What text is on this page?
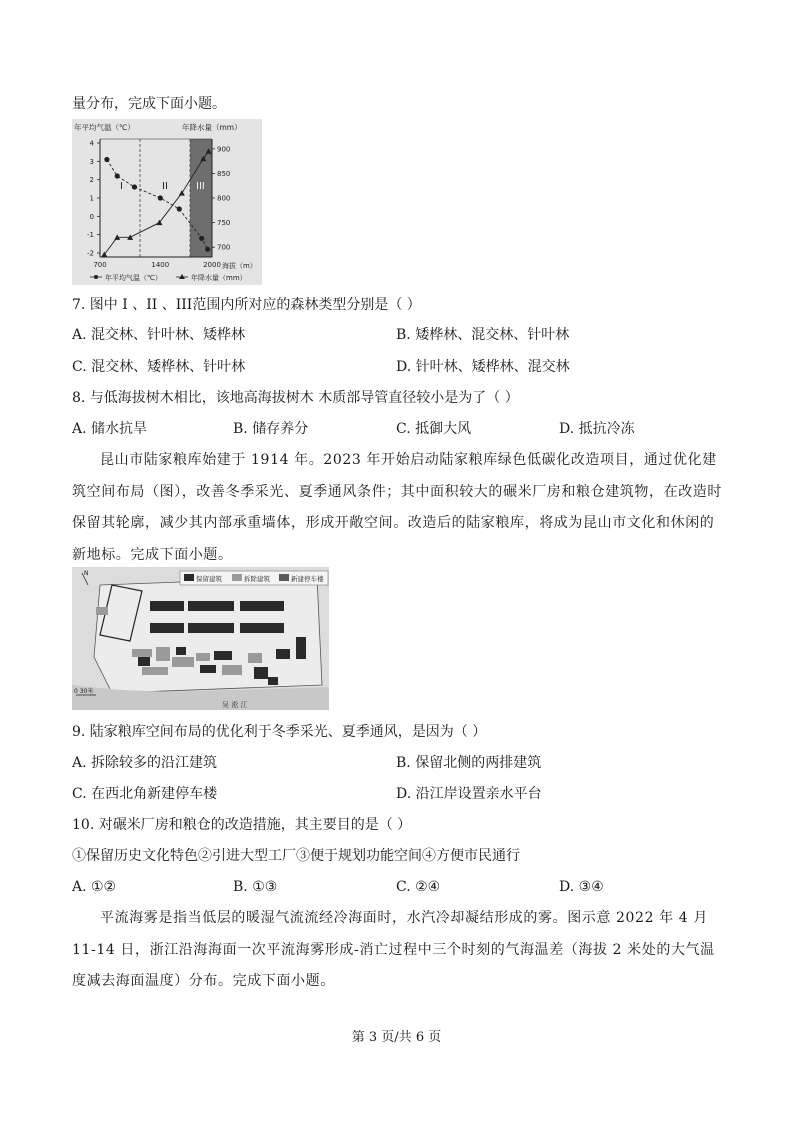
量分布，完成下面小题。
年平均气温（℃）	年降水量（mm）
4
3
2
1
0
-1
-2
900
850
800
750
700
700	1400	2000 海拔（m）
I	II	III
年平均气温（℃）	年降水量（mm）
7. 图中 I 、II 、III范围内所对应的森林类型分别是（ ）
A. 混交林、针叶林、矮桦林	B. 矮桦林、混交林、针叶林
C. 混交林、矮桦林、针叶林	D. 针叶林、矮桦林、混交林
8. 与低海拔树木相比，该地高海拔树木 木质部导管直径较小是为了（ ）
A. 储水抗旱	B. 储存养分	C. 抵御大风	D. 抵抗冷冻
昆山市陆家粮库始建于 1914 年。2023 年开始启动陆家粮库绿色低碳化改造项目，通过优化建筑空间布局（图），改善冬季采光、夏季通风条件；其中面积较大的碾米厂房和粮仓建筑物，在改造时保留其轮廓，减少其内部承重墙体，形成开敞空间。改造后的陆家粮库，将成为昆山市文化和休闲的新地标。完成下面小题。
吴 淞 江
N
保留建筑	拆除建筑	新建停车楼
0 30米
9. 陆家粮库空间布局的优化利于冬季采光、夏季通风，是因为（ ）
A. 拆除较多的沿江建筑	B. 保留北侧的两排建筑
C. 在西北角新建停车楼	D. 沿江岸设置亲水平台
10. 对碾米厂房和粮仓的改造措施，其主要目的是（ ）
①保留历史文化特色②引进大型工厂③便于规划功能空间④方便市民通行
A. ①②	B. ①③	C. ②④	D. ③④
平流海雾是指当低层的暖湿气流流经冷海面时，水汽冷却凝结形成的雾。图示意 2022 年 4 月 11-14 日，浙江沿海海面一次平流海雾形成-消亡过程中三个时刻的气海温差（海拔 2 米处的大气温度减去海面温度）分布。完成下面小题。
第 3 页/共 6 页
